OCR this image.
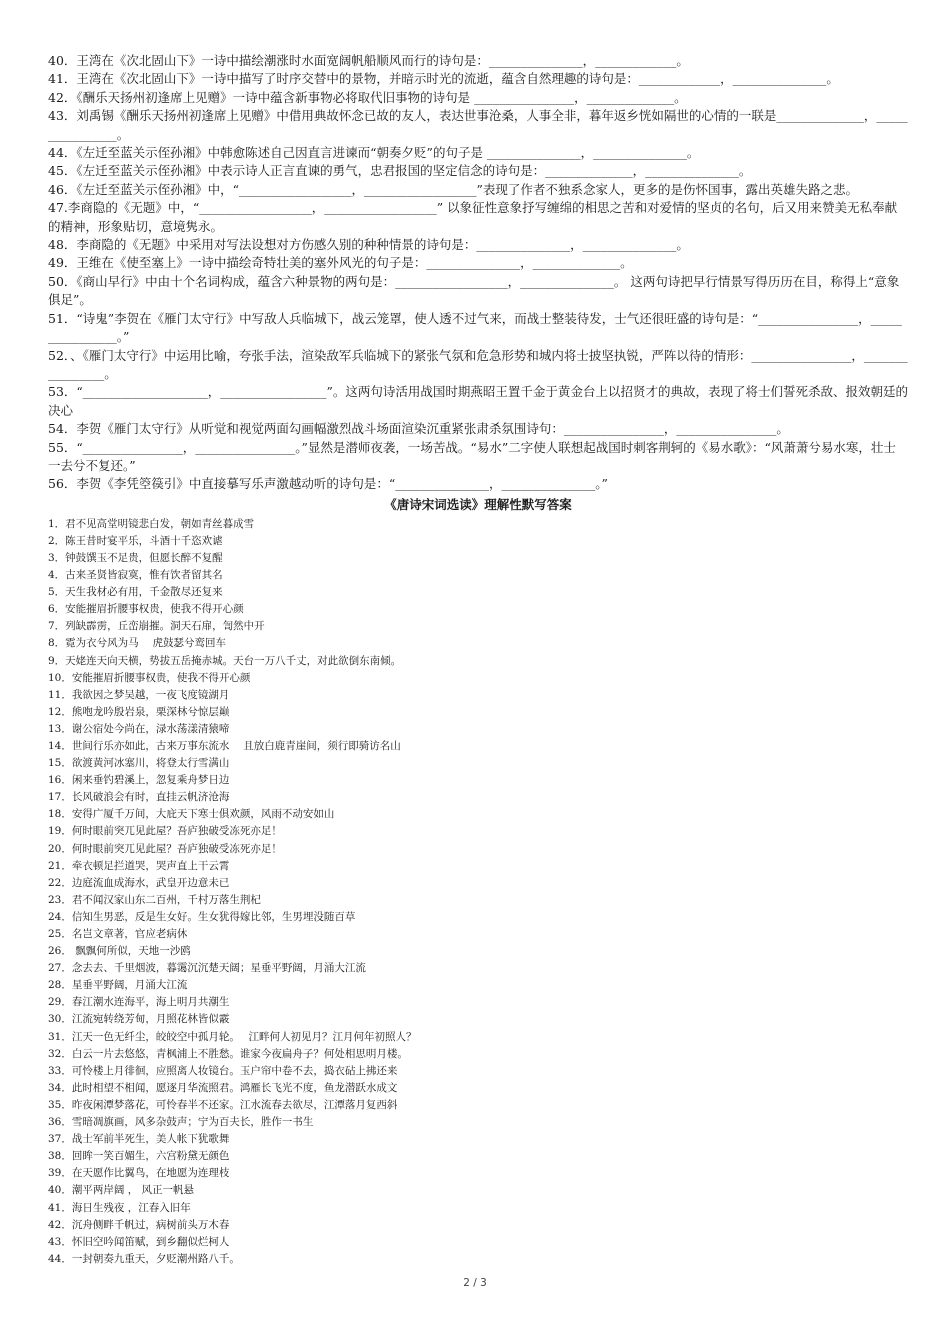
40．王湾在《次北固山下》一诗中描绘潮涨时水面宽阔帆船顺风而行的诗句是：_______________，_____________。

41．王湾在《次北固山下》一诗中描写了时序交替中的景物，并暗示时光的流逝，蕴含自然理趣的诗句是：_____________，_______________。

42．《酬乐天扬州初逢席上见赠》一诗中蕴含新事物必将取代旧事物的诗句是 ________________，______________。

43．刘禹锡《酬乐天扬州初逢席上见赠》中借用典故怀念已故的友人，表达世事沧桑，人事全非，暮年返乡恍如隔世的心情的一联是______________，________________。

44．《左迁至蓝关示侄孙湘》中韩愈陈述自己因直言进谏而“朝奏夕贬”的句子是 _______________，_______________。

45．《左迁至蓝关示侄孙湘》中表示诗人正言直谏的勇气，忠君报国的坚定信念的诗句是：______________，_______________。

46．《左迁至蓝关示侄孙湘》中，“__________________，__________________”表现了作者不独系念家人，更多的是伤怀国事，露出英雄失路之悲。

47.李商隐的《无题》中，“__________________，__________________” 以象征性意象抒写缠绵的相思之苦和对爱情的坚贞的名句，后又用来赞美无私奉献的精神，形象贴切，意境隽永。

48．李商隐的《无题》中采用对写法设想对方伤感久别的种种情景的诗句是：_______________，_______________。

49．王维在《使至塞上》一诗中描绘奇特壮美的塞外风光的句子是：_______________，______________。

50．《商山早行》中由十个名词构成，蕴含六种景物的两句是：__________________，_______________。 这两句诗把早行情景写得历历在目，称得上“意象俱足”。

51．“诗鬼”李贺在《雁门太守行》中写敌人兵临城下，战云笼罩，使人透不过气来，而战士整装待发，士气还很旺盛的诗句是：“________________，________________。”

52．、《雁门太守行》中运用比喻，夸张手法，渲染敌军兵临城下的紧张气氛和危急形势和城内将士披坚执锐，严阵以待的情形：________________，________________。

53．“____________________，_________________”。这两句诗活用战国时期燕昭王置千金于黄金台上以招贤才的典故，表现了将士们誓死杀敌、报效朝廷的决心

54．李贺《雁门太守行》从听觉和视觉两面勾画幅激烈战斗场面渲染沉重紧张肃杀氛围诗句：________________，________________。

55．“________________，________________。”显然是潜师夜袭，一场苦战。“易水”二字使人联想起战国时刺客荆轲的《易水歌》：“风萧萧兮易水寒，壮士一去兮不复还。”

56．李贺《李凭箜篌引》中直接摹写乐声激越动听的诗句是：“_______________，_______________。”

《唐诗宋词选读》理解性默写答案

1．君不见高堂明镜悲白发，朝如青丝暮成雪

2．陈王昔时宴平乐，斗酒十千恣欢谑

3．钟鼓馔玉不足贵，但愿长醉不复醒

4．古来圣贤皆寂寞，惟有饮者留其名

5．天生我材必有用，千金散尽还复来

6．安能摧眉折腰事权贵，使我不得开心颜

7．列缺霹雳，丘峦崩摧。洞天石扉，訇然中开

8．霓为衣兮风为马　 虎鼓瑟兮鸾回车

9．天姥连天向天横，势拔五岳掩赤城。天台一万八千丈，对此欲倒东南倾。

10．安能摧眉折腰事权贵，使我不得开心颜

11．我欲因之梦吴越，一夜飞度镜湖月

12．熊咆龙吟殷岩泉，栗深林兮惊层巅

13．谢公宿处今尚在，渌水荡漾清猿啼

14．世间行乐亦如此，古来万事东流水　 且放白鹿青崖间，须行即骑访名山

15．欲渡黄河冰塞川，将登太行雪满山

16．闲来垂钓碧溪上，忽复乘舟梦日边

17．长风破浪会有时，直挂云帆济沧海

18．安得广厦千万间，大庇天下寒士俱欢颜，风雨不动安如山

19．何时眼前突兀见此屋？吾庐独破受冻死亦足！

20．何时眼前突兀见此屋？吾庐独破受冻死亦足！

21．牵衣顿足拦道哭，哭声直上干云霄

22．边庭流血成海水，武皇开边意未已

23．君不闻汉家山东二百州，千村万落生荆杞

24．信知生男恶，反是生女好。生女犹得嫁比邻，生男埋没随百草

25．名岂文章著，官应老病休

26． 飘飘何所似，天地一沙鸥

27．念去去、千里烟波，暮霭沉沉楚天阔；星垂平野阔，月涌大江流

28．星垂平野阔，月涌大江流

29．春江潮水连海平，海上明月共潮生

30．江流宛转绕芳甸，月照花林皆似霰

31．江天一色无纤尘，皎皎空中孤月轮。　 江畔何人初见月？江月何年初照人？

32．白云一片去悠悠，青枫浦上不胜愁。谁家今夜扁舟子？何处相思明月楼。

33．可怜楼上月徘徊，应照离人妆镜台。玉户帘中卷不去，捣衣砧上拂还来

34．此时相望不相闻，愿逐月华流照君。鸿雁长飞光不度，鱼龙潜跃水成文

35．昨夜闲潭梦落花，可怜春半不还家。江水流春去欲尽，江潭落月复西斜

36．雪暗凋旗画，风多杂鼓声；宁为百夫长，胜作一书生

37．战士军前半死生，美人帐下犹歌舞

38．回眸一笑百媚生，六宫粉黛无颜色

39．在天愿作比翼鸟，在地愿为连理枝

40．潮平两岸阔 ， 风正一帆悬

41．海日生残夜 ，江春入旧年

42．沉舟侧畔千帆过，病树前头万木春

43．怀旧空吟闻笛赋，到乡翻似烂柯人

44．一封朝奏九重天，夕贬潮州路八千。

2 / 3
